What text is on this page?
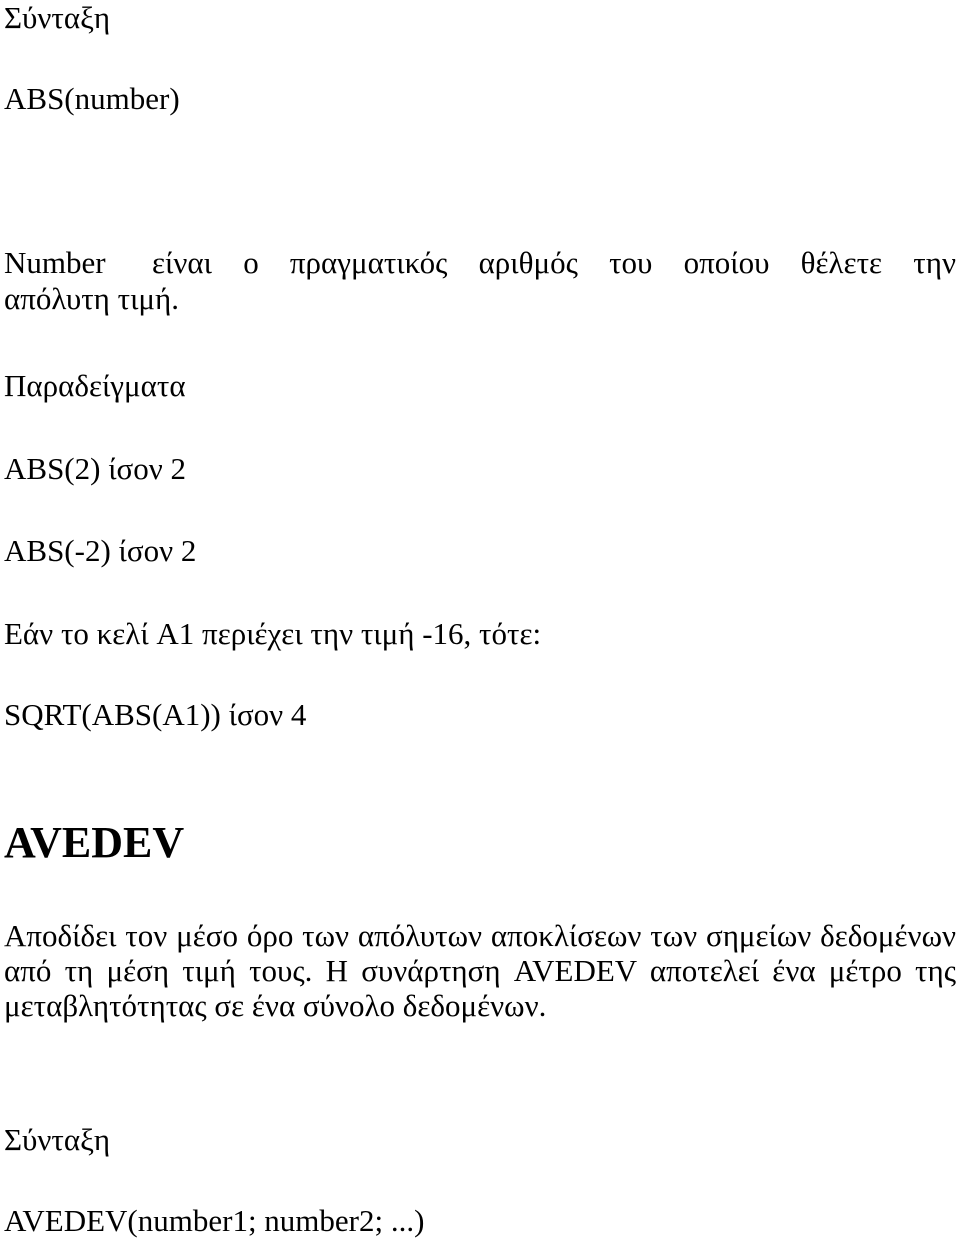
Σύνταξη

ABS(number)

Number	είναι ο πραγματικός αριθμός του οποίου θέλετε την
απόλυτη τιμή.

Παραδείγματα

ABS(2) ίσον 2

ABS(-2) ίσον 2

Εάν το κελί A1 περιέχει την τιμή -16, τότε:

SQRT(ABS(A1)) ίσον 4

AVEDEV

Αποδίδει τον μέσο όρο των απόλυτων αποκλίσεων των σημείων δεδομένων από τη μέση τιμή τους. Η συνάρτηση AVEDEV αποτελεί ένα μέτρο της μεταβλητότητας σε ένα σύνολο δεδομένων.

Σύνταξη

AVEDEV(number1; number2; ...)
